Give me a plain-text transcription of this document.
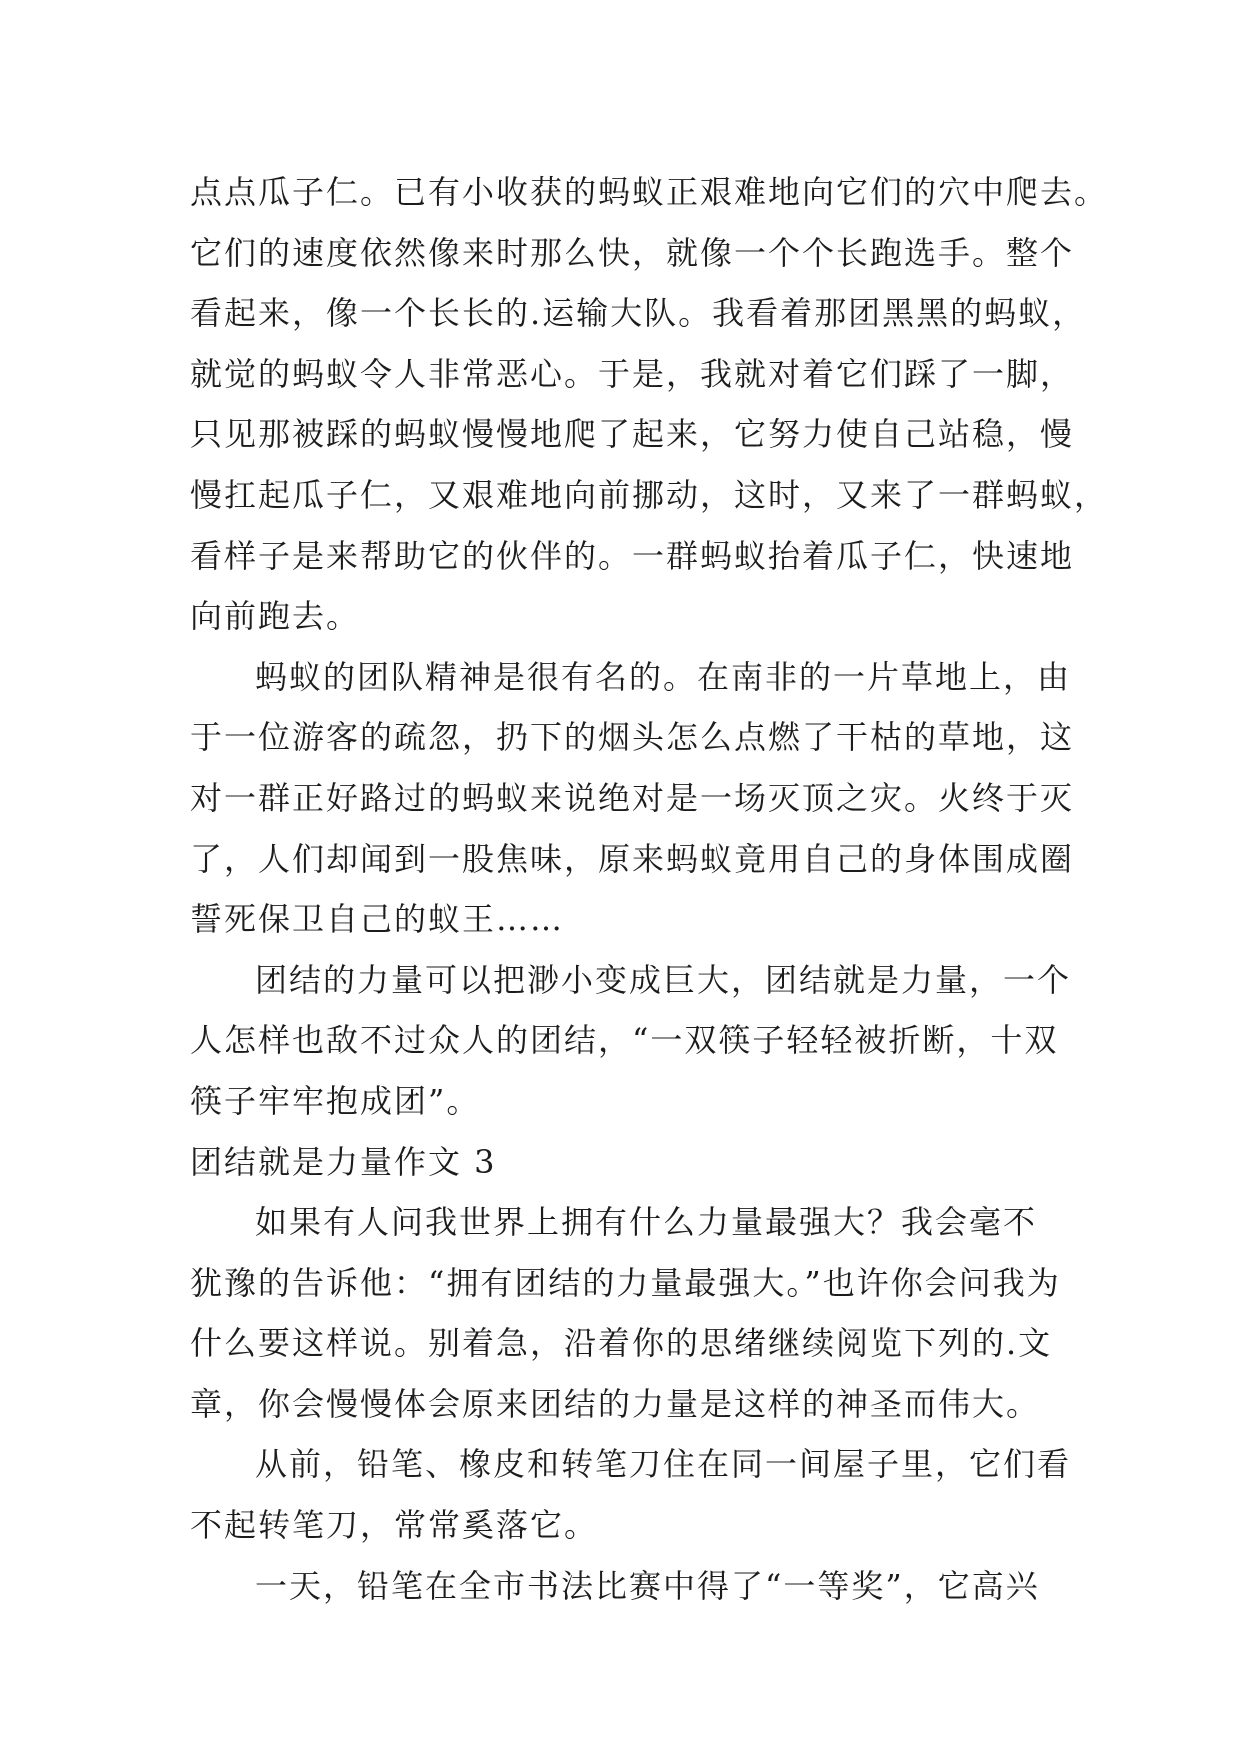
点点瓜子仁。已有小收获的蚂蚁正艰难地向它们的穴中爬去。
它们的速度依然像来时那么快，就像一个个长跑选手。整个
看起来，像一个长长的.运输大队。我看着那团黑黑的蚂蚁，
就觉的蚂蚁令人非常恶心。于是，我就对着它们踩了一脚，
只见那被踩的蚂蚁慢慢地爬了起来，它努力使自己站稳，慢
慢扛起瓜子仁，又艰难地向前挪动，这时，又来了一群蚂蚁，
看样子是来帮助它的伙伴的。一群蚂蚁抬着瓜子仁，快速地
向前跑去。
蚂蚁的团队精神是很有名的。在南非的一片草地上，由
于一位游客的疏忽，扔下的烟头怎么点燃了干枯的草地，这
对一群正好路过的蚂蚁来说绝对是一场灭顶之灾。火终于灭
了，人们却闻到一股焦味，原来蚂蚁竟用自己的身体围成圈
誓死保卫自己的蚁王……
团结的力量可以把渺小变成巨大，团结就是力量，一个
人怎样也敌不过众人的团结，“一双筷子轻轻被折断，十双
筷子牢牢抱成团”。
团结就是力量作文 3
如果有人问我世界上拥有什么力量最强大？我会毫不
犹豫的告诉他：“拥有团结的力量最强大。”也许你会问我为
什么要这样说。别着急，沿着你的思绪继续阅览下列的.文
章，你会慢慢体会原来团结的力量是这样的神圣而伟大。
从前，铅笔、橡皮和转笔刀住在同一间屋子里，它们看
不起转笔刀，常常奚落它。
一天，铅笔在全市书法比赛中得了“一等奖”，它高兴
